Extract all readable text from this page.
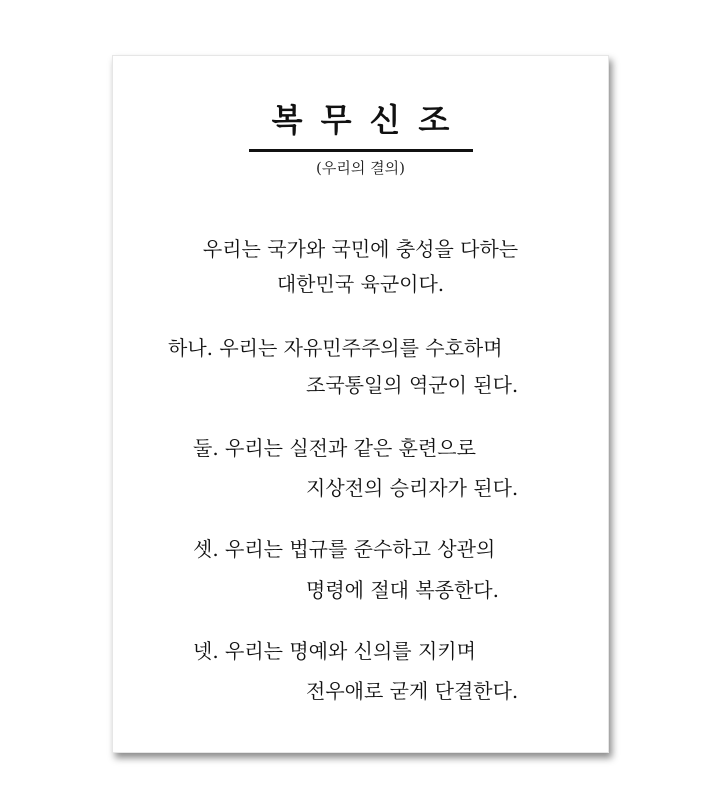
복무신조
(우리의 결의)
우리는 국가와 국민에 충성을 다하는
대한민국 육군이다.
하나. 우리는 자유민주주의를 수호하며
조국통일의 역군이 된다.
둘. 우리는 실전과 같은 훈련으로
지상전의 승리자가 된다.
셋. 우리는 법규를 준수하고 상관의
명령에 절대 복종한다.
넷. 우리는 명예와 신의를 지키며
전우애로 굳게 단결한다.
